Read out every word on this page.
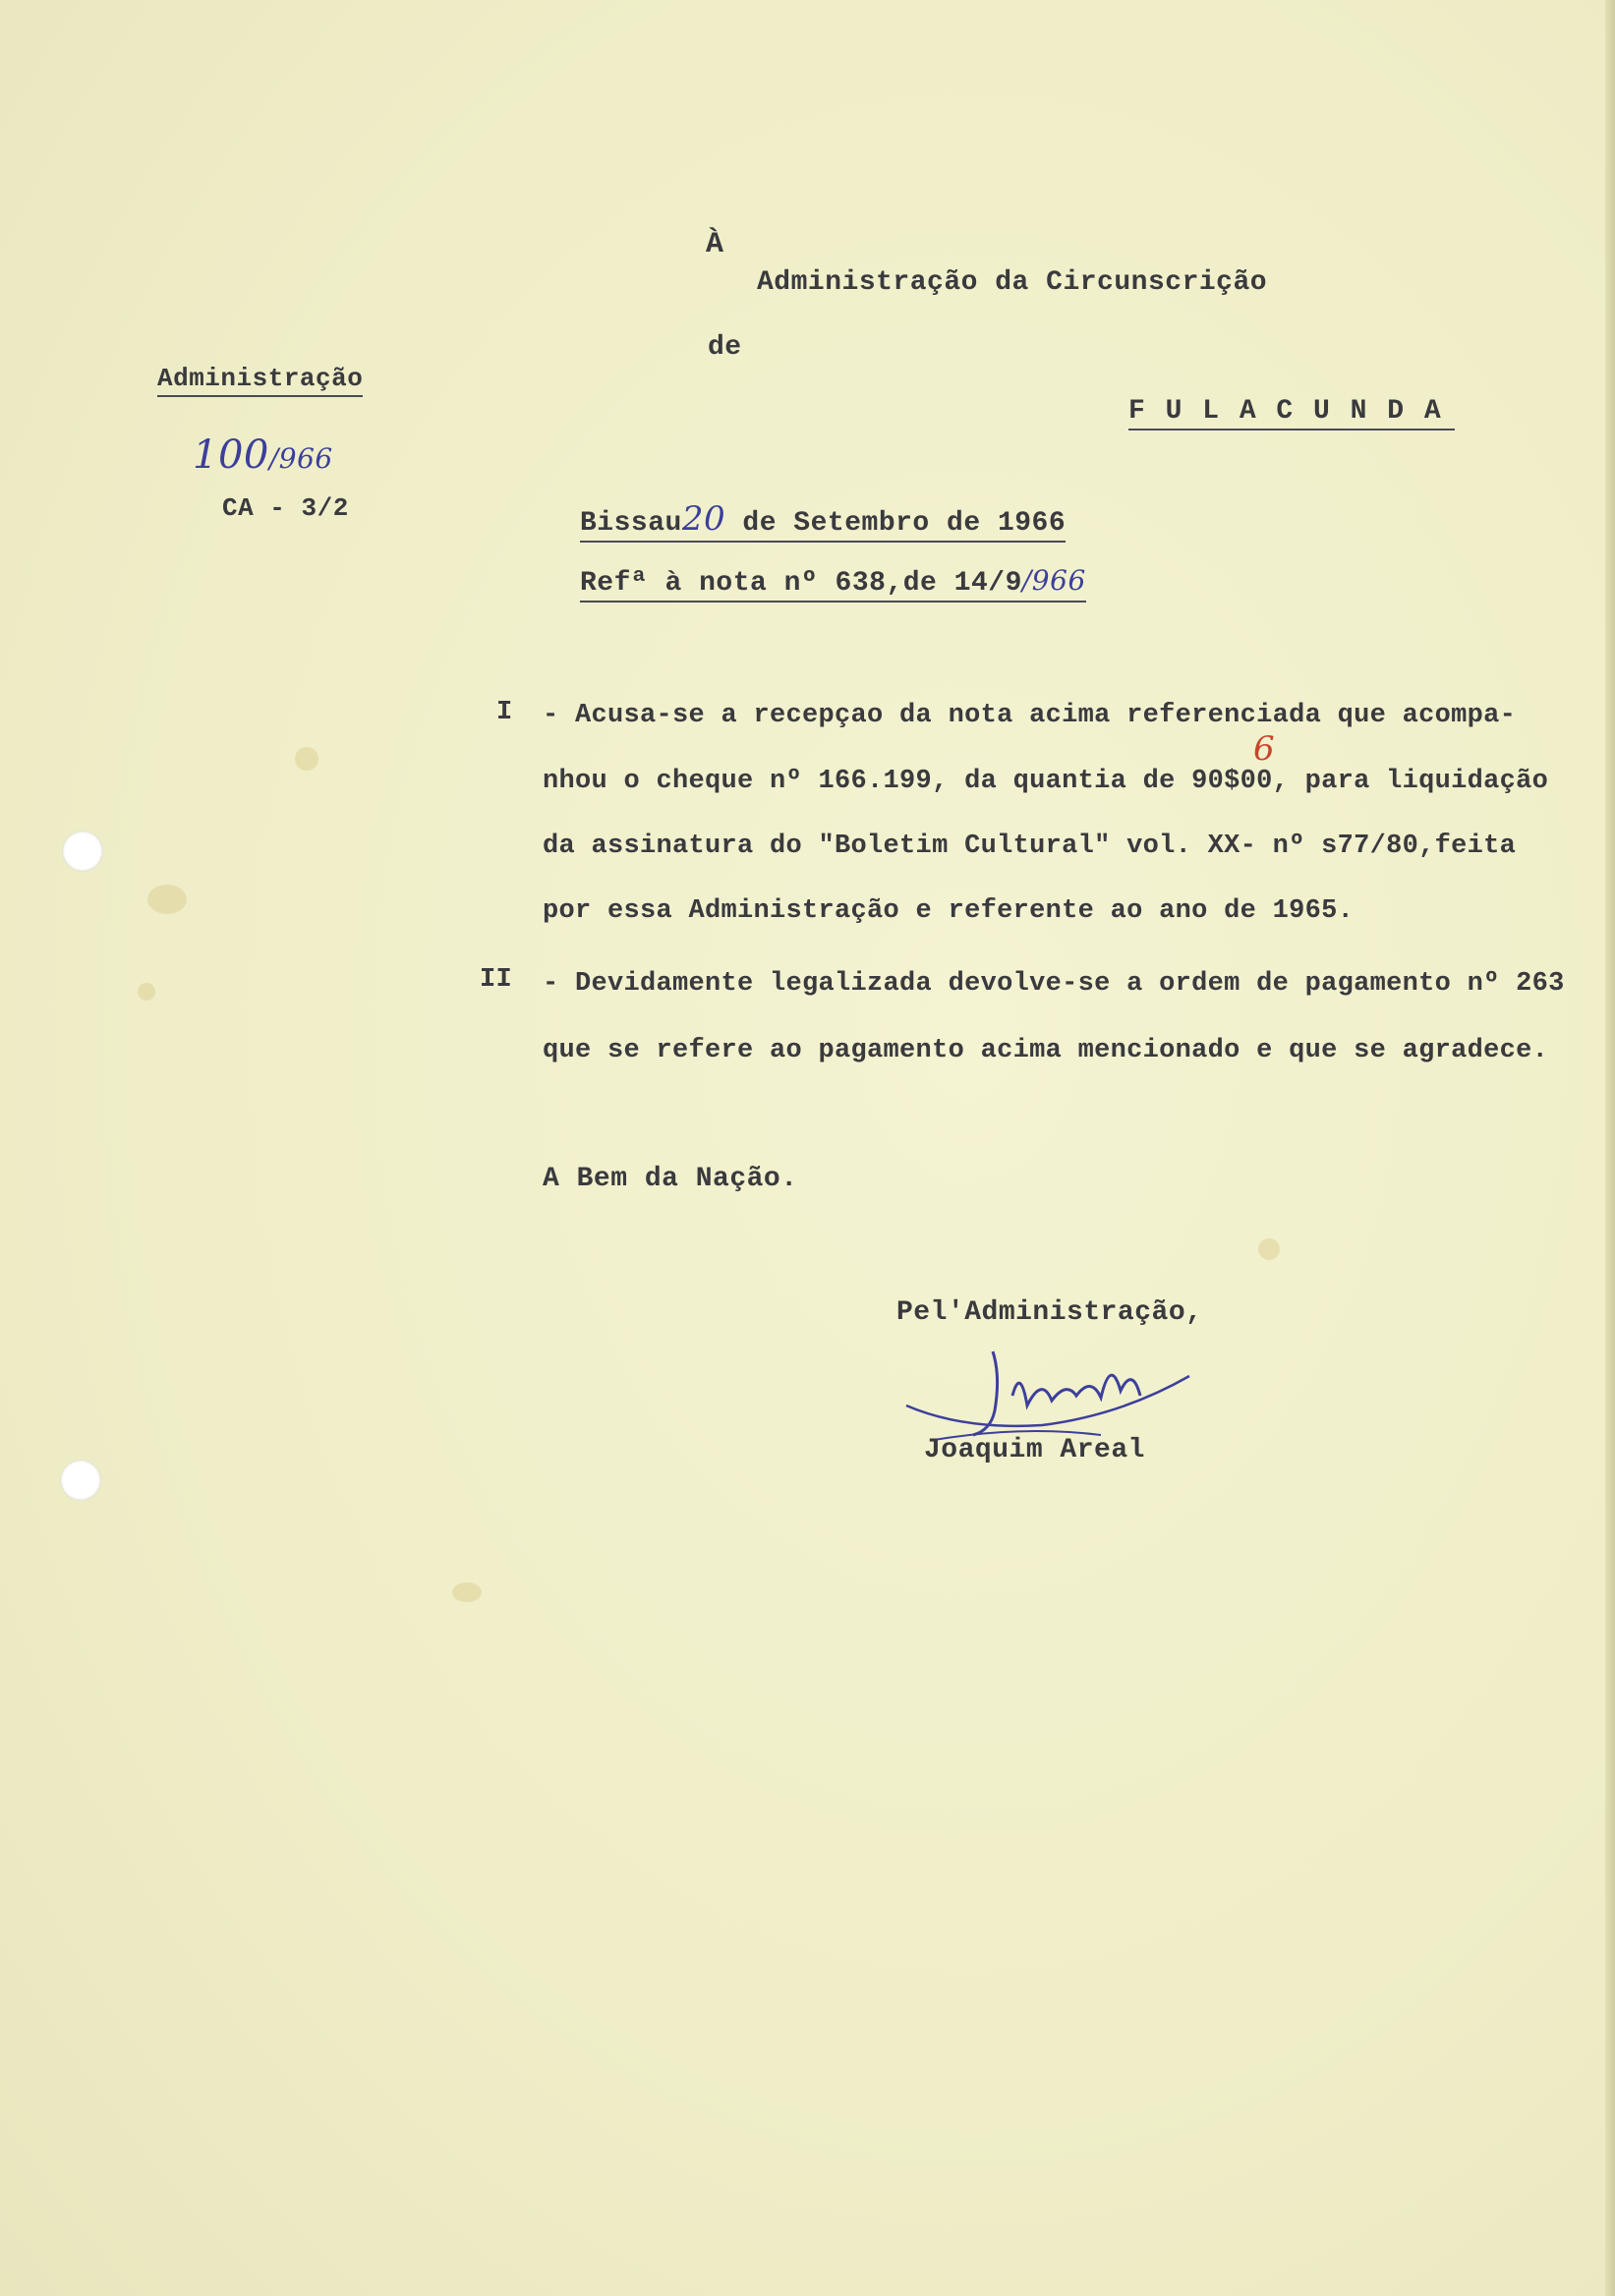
À
Administração da Circunscrição
de
F U L A C U N D A
Administração
100/966
CA - 3/2	Bissau20 de Setembro de 1966
Refª à nota nº 638,de 14/9/966
I - Acusa-se a recepçao da nota acima referenciada que acompa-
6
nhou o cheque nº 166.199, da quantia de 90$00, para liquidação
da assinatura do "Boletim Cultural" vol. XX- nº s77/80,feita
por essa Administração e referente ao ano de 1965.
II - Devidamente legalizada devolve-se a ordem de pagamento nº 263
que se refere ao pagamento acima mencionado e que se agradece.
A Bem da Nação.
Pel'Administração,
Joaquim Areal
